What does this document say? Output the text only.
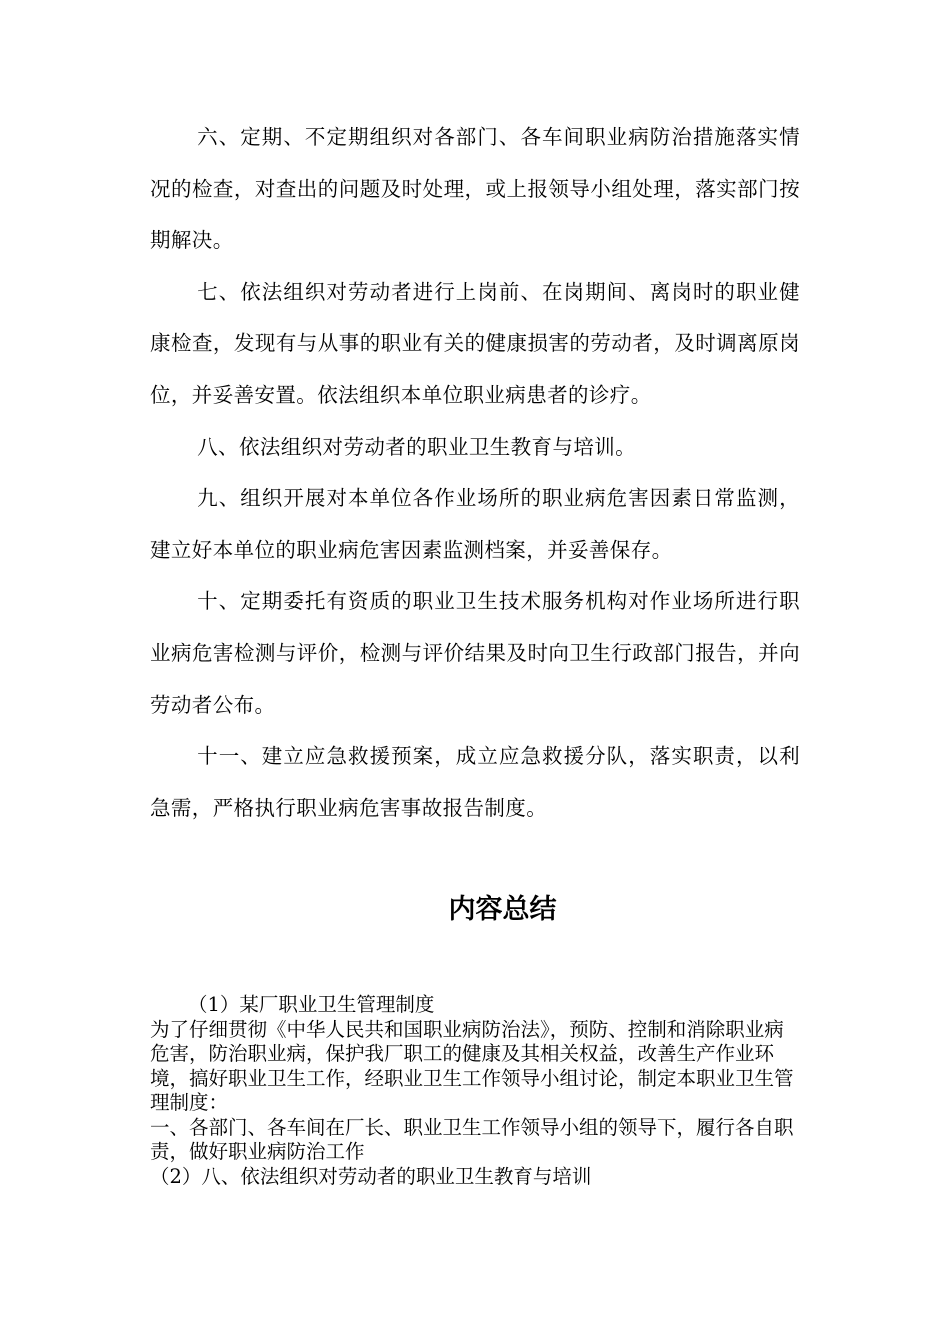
六、定期、不定期组织对各部门、各车间职业病防治措施落实情况的检查，对查出的问题及时处理，或上报领导小组处理，落实部门按期解决。

七、依法组织对劳动者进行上岗前、在岗期间、离岗时的职业健康检查，发现有与从事的职业有关的健康损害的劳动者，及时调离原岗位，并妥善安置。依法组织本单位职业病患者的诊疗。

八、依法组织对劳动者的职业卫生教育与培训。

九、组织开展对本单位各作业场所的职业病危害因素日常监测，建立好本单位的职业病危害因素监测档案，并妥善保存。

十、定期委托有资质的职业卫生技术服务机构对作业场所进行职业病危害检测与评价，检测与评价结果及时向卫生行政部门报告，并向劳动者公布。

十一、建立应急救援预案，成立应急救援分队，落实职责，以利急需，严格执行职业病危害事故报告制度。

内容总结
（1）某厂职业卫生管理制度
为了仔细贯彻《中华人民共和国职业病防治法》，预防、控制和消除职业病危害，防治职业病，保护我厂职工的健康及其相关权益，改善生产作业环境，搞好职业卫生工作，经职业卫生工作领导小组讨论，制定本职业卫生管理制度：
一、各部门、各车间在厂长、职业卫生工作领导小组的领导下，履行各自职责，做好职业病防治工作
（2）八、依法组织对劳动者的职业卫生教育与培训
